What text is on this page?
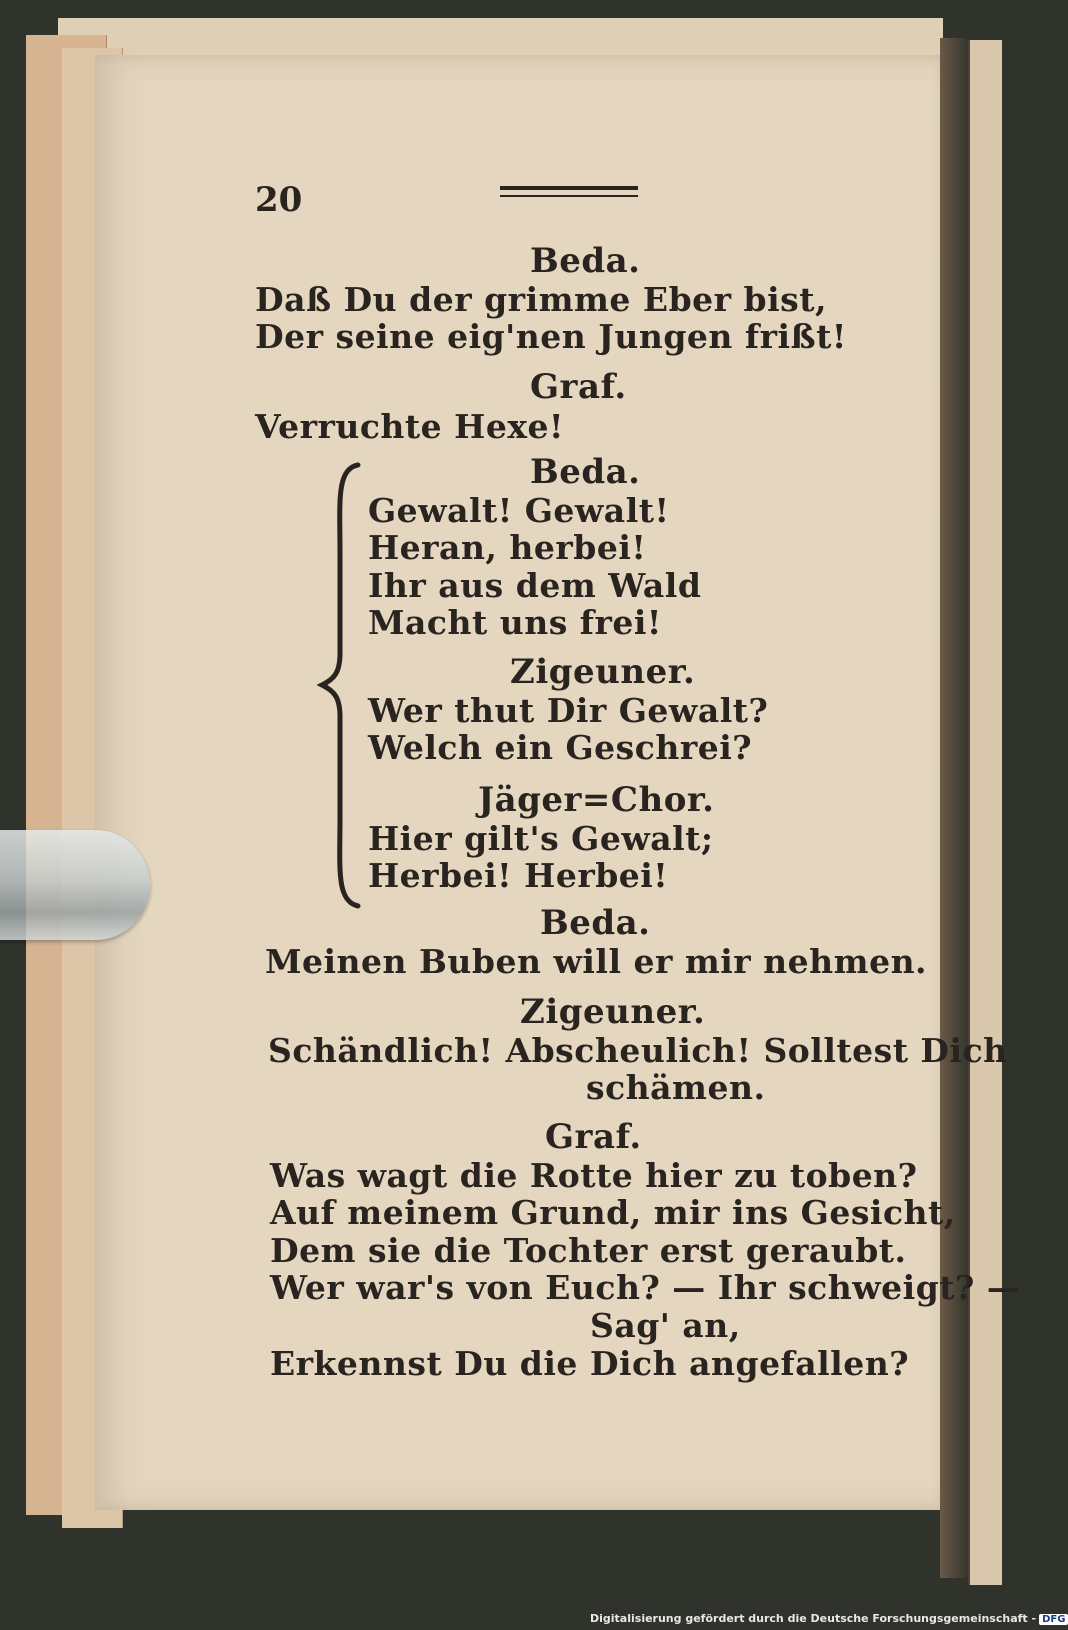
20
Beda.
Daß Du der grimme Eber bist,
Der seine eig'nen Jungen frißt!
Graf.
Verruchte Hexe!
Beda.
Gewalt! Gewalt!
Heran, herbei!
Ihr aus dem Wald
Macht uns frei!
Zigeuner.
Wer thut Dir Gewalt?
Welch ein Geschrei?
Jäger=Chor.
Hier gilt's Gewalt;
Herbei! Herbei!
Beda.
Meinen Buben will er mir nehmen.
Zigeuner.
Schändlich! Abscheulich! Solltest Dich
schämen.
Graf.
Was wagt die Rotte hier zu toben?
Auf meinem Grund, mir ins Gesicht,
Dem sie die Tochter erst geraubt.
Wer war's von Euch? — Ihr schweigt? —
Sag' an,
Erkennst Du die Dich angefallen?
Digitalisierung gefördert durch die Deutsche Forschungsgemeinschaft - DFG
